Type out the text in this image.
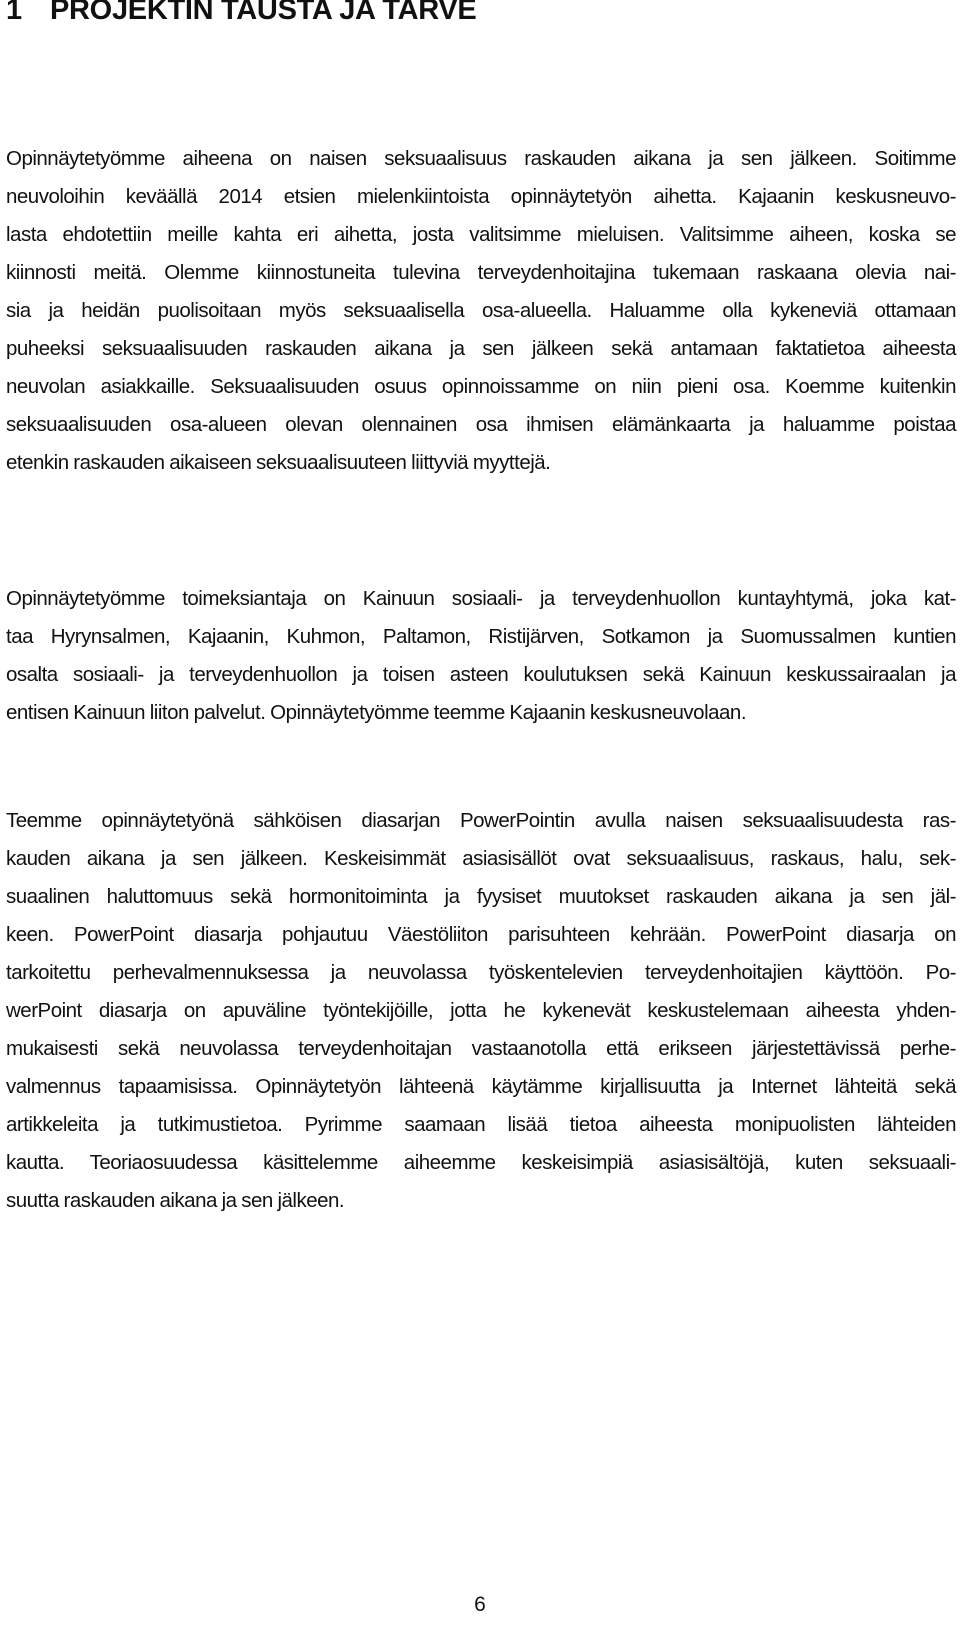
1 PROJEKTIN TAUSTA JA TARVE
Opinnäytetyömme aiheena on naisen seksuaalisuus raskauden aikana ja sen jälkeen. Soitimme
neuvoloihin keväällä 2014 etsien mielenkiintoista opinnäytetyön aihetta. Kajaanin keskusneuvo-
lasta ehdotettiin meille kahta eri aihetta, josta valitsimme mieluisen. Valitsimme aiheen, koska se
kiinnosti meitä. Olemme kiinnostuneita tulevina terveydenhoitajina tukemaan raskaana olevia nai-
sia ja heidän puolisoitaan myös seksuaalisella osa-alueella. Haluamme olla kykeneviä ottamaan
puheeksi seksuaalisuuden raskauden aikana ja sen jälkeen sekä antamaan faktatietoa aiheesta
neuvolan asiakkaille. Seksuaalisuuden osuus opinnoissamme on niin pieni osa. Koemme kuitenkin
seksuaalisuuden osa-alueen olevan olennainen osa ihmisen elämänkaarta ja haluamme poistaa
etenkin raskauden aikaiseen seksuaalisuuteen liittyviä myyttejä.
Opinnäytetyömme toimeksiantaja on Kainuun sosiaali- ja terveydenhuollon kuntayhtymä, joka kat-
taa Hyrynsalmen, Kajaanin, Kuhmon, Paltamon, Ristijärven, Sotkamon ja Suomussalmen kuntien
osalta sosiaali- ja terveydenhuollon ja toisen asteen koulutuksen sekä Kainuun keskussairaalan ja
entisen Kainuun liiton palvelut. Opinnäytetyömme teemme Kajaanin keskusneuvolaan.
Teemme opinnäytetyönä sähköisen diasarjan PowerPointin avulla naisen seksuaalisuudesta ras-
kauden aikana ja sen jälkeen. Keskeisimmät asiasisällöt ovat seksuaalisuus, raskaus, halu, sek-
suaalinen haluttomuus sekä hormonitoiminta ja fyysiset muutokset raskauden aikana ja sen jäl-
keen. PowerPoint diasarja pohjautuu Väestöliiton parisuhteen kehrään. PowerPoint diasarja on
tarkoitettu perhevalmennuksessa ja neuvolassa työskentelevien terveydenhoitajien käyttöön. Po-
werPoint diasarja on apuväline työntekijöille, jotta he kykenevät keskustelemaan aiheesta yhden-
mukaisesti sekä neuvolassa terveydenhoitajan vastaanotolla että erikseen järjestettävissä perhe-
valmennus tapaamisissa. Opinnäytetyön lähteenä käytämme kirjallisuutta ja Internet lähteitä sekä
artikkeleita ja tutkimustietoa. Pyrimme saamaan lisää tietoa aiheesta monipuolisten lähteiden
kautta. Teoriaosuudessa käsittelemme aiheemme keskeisimpiä asiasisältöjä, kuten seksuaali-
suutta raskauden aikana ja sen jälkeen.
6
